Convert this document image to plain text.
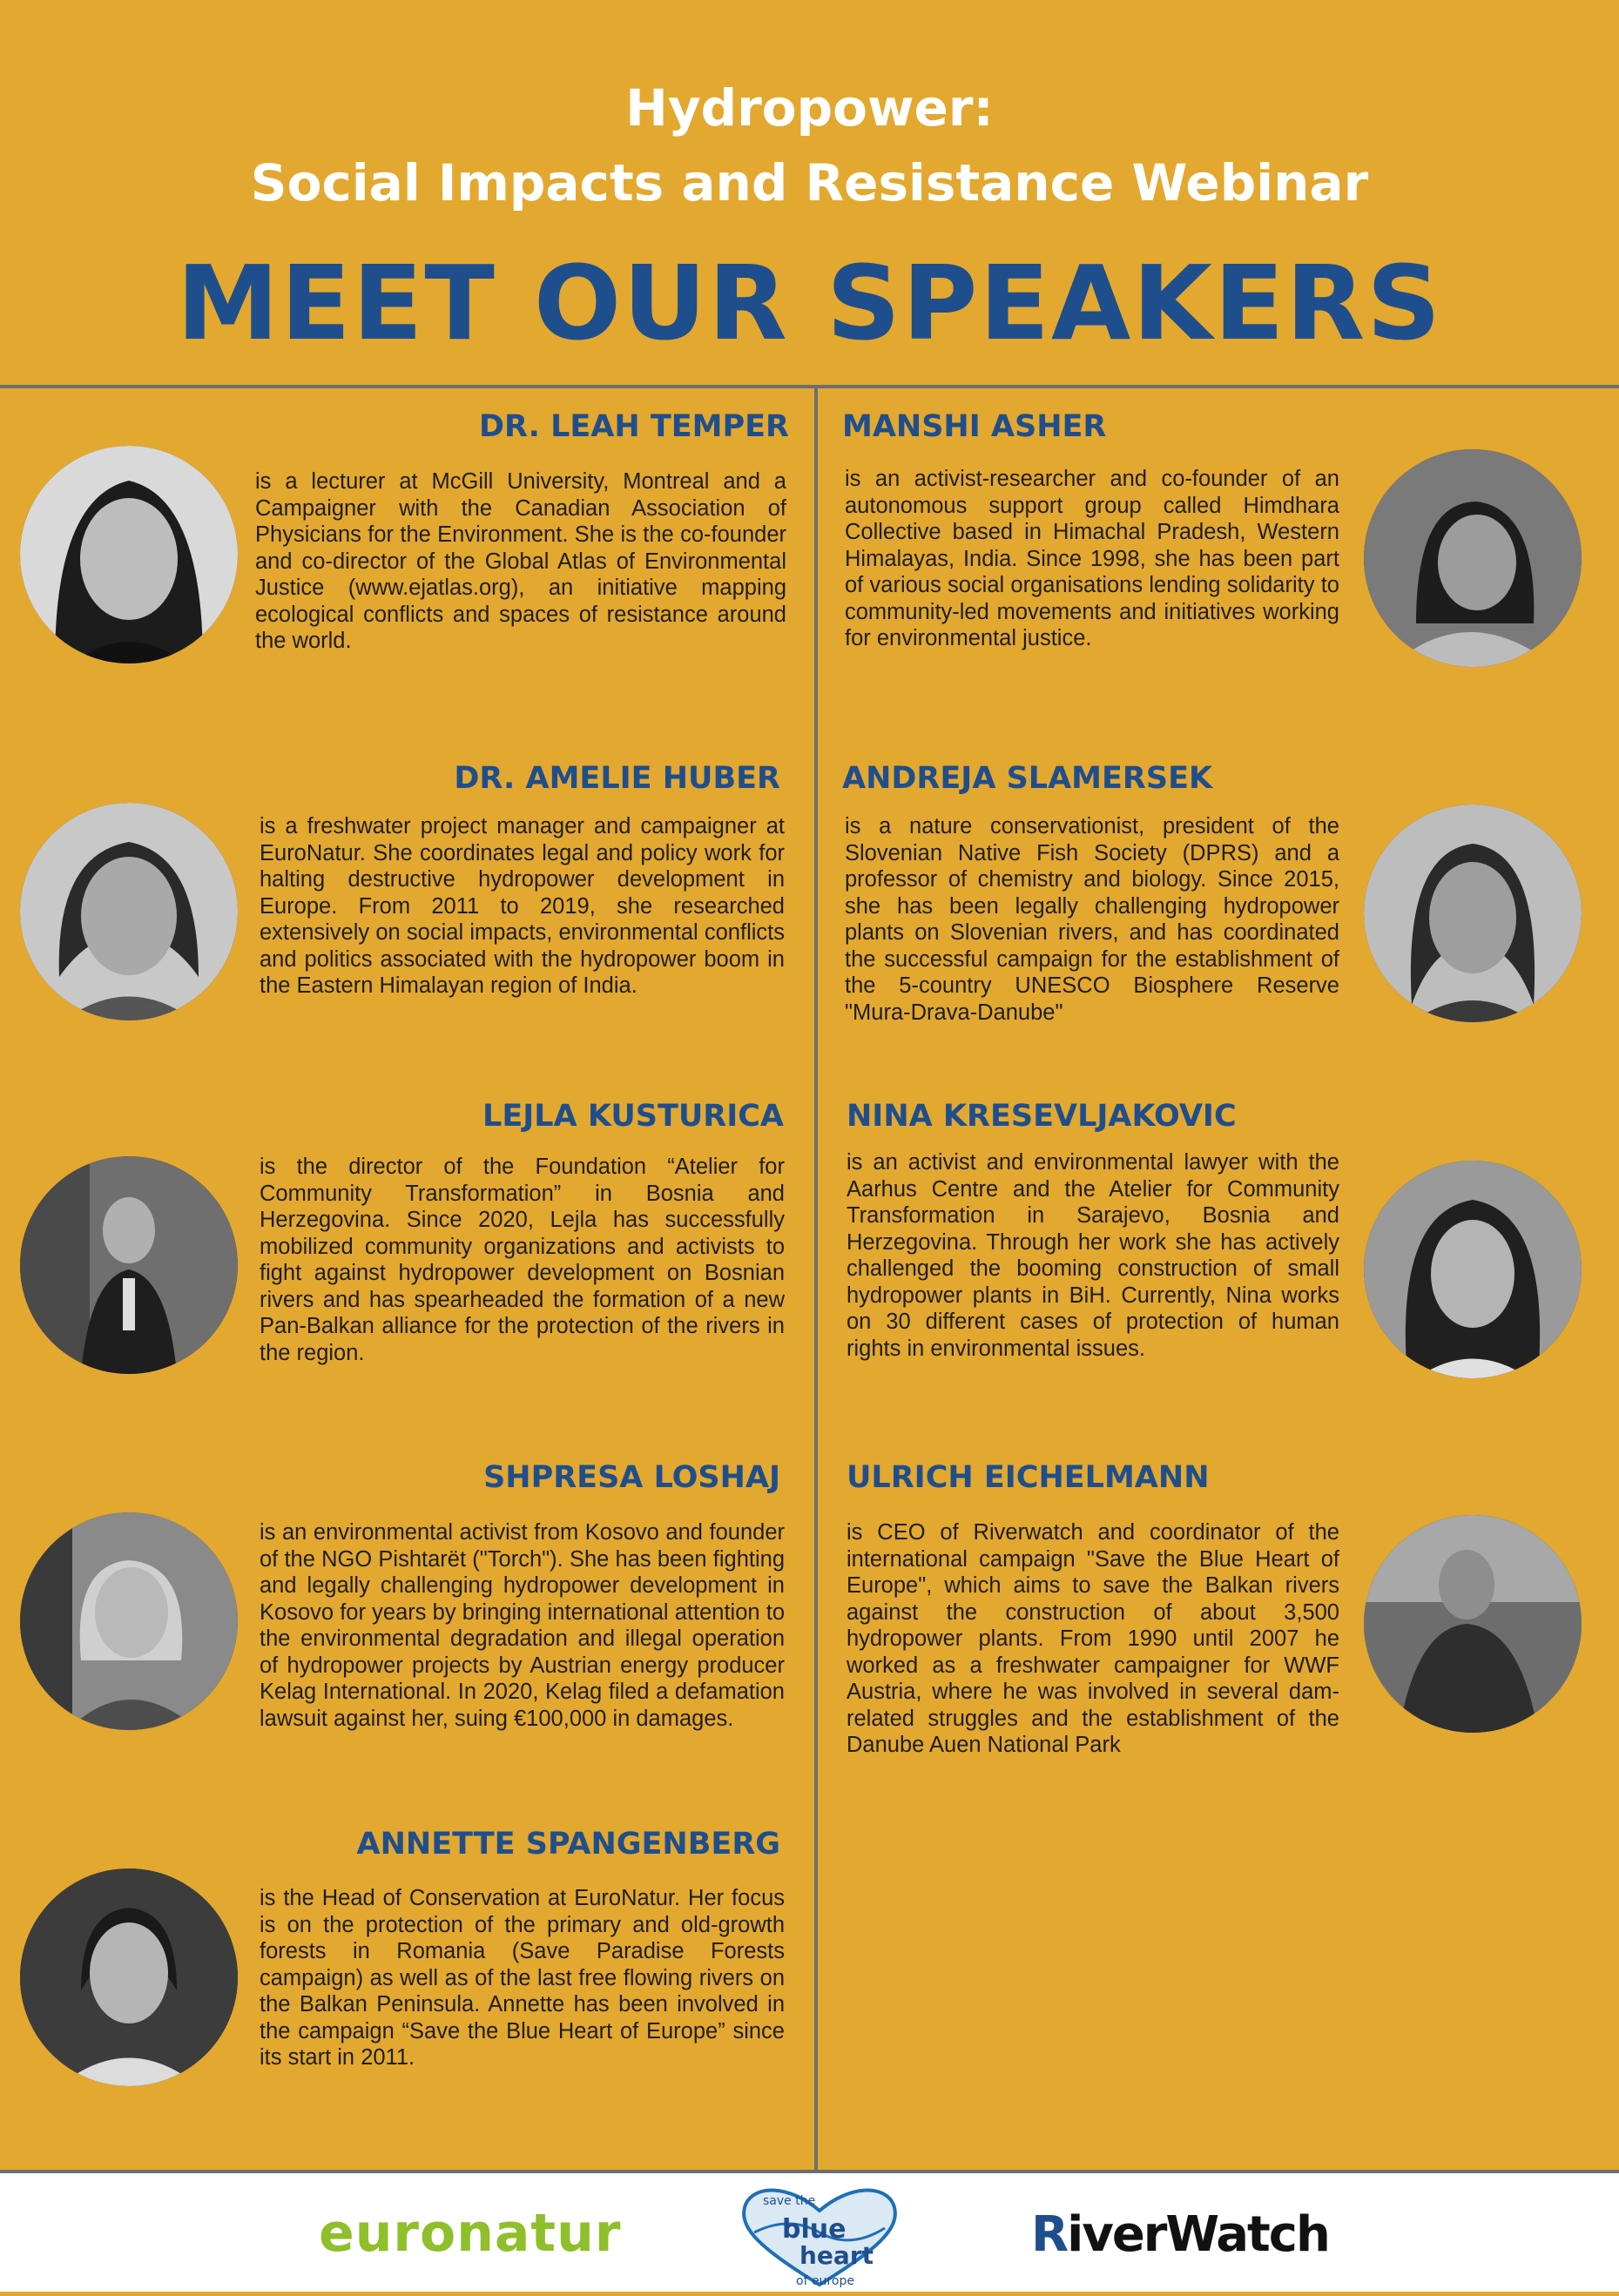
Hydropower:
Social Impacts and Resistance Webinar
MEET OUR SPEAKERS
DR. LEAH TEMPER
is a lecturer at McGill University, Montreal and a Campaigner with the Canadian Association of Physicians for the Environment. She is the co-founder and co-director of the Global Atlas of Environmental Justice (www.ejatlas.org), an initiative mapping ecological conflicts and spaces of resistance around the world.
DR. AMELIE HUBER
is a freshwater project manager and campaigner at EuroNatur. She coordinates legal and policy work for halting destructive hydropower development in Europe. From 2011 to 2019, she researched extensively on social impacts, environmental conflicts and politics associated with the hydropower boom in the Eastern Himalayan region of India.
LEJLA KUSTURICA
is the director of the Foundation “Atelier for Community Transformation” in Bosnia and Herzegovina. Since 2020, Lejla has successfully mobilized community organizations and activists to fight against hydropower development on Bosnian rivers and has spearheaded the formation of a new Pan-Balkan alliance for the protection of the rivers in the region.
SHPRESA LOSHAJ
is an environmental activist from Kosovo and founder of the NGO Pishtarët ("Torch"). She has been fighting and legally challenging hydropower development in Kosovo for years by bringing international attention to the environmental degradation and illegal operation of hydropower projects by Austrian energy producer Kelag International. In 2020, Kelag filed a defamation lawsuit against her, suing €100,000 in damages.
ANNETTE SPANGENBERG
is the Head of Conservation at EuroNatur. Her focus is on the protection of the primary and old-growth forests in Romania (Save Paradise Forests campaign) as well as of the last free flowing rivers on the Balkan Peninsula. Annette has been involved in the campaign “Save the Blue Heart of Europe” since its start in 2011.
MANSHI ASHER
is an activist-researcher and co-founder of an autonomous support group called Himdhara Collective based in Himachal Pradesh, Western Himalayas, India. Since 1998, she has been part of various social organisations lending solidarity to community-led movements and initiatives working for environmental justice.
ANDREJA SLAMERSEK
is a nature conservationist, president of the Slovenian Native Fish Society (DPRS) and a professor of chemistry and biology. Since 2015, she has been legally challenging hydropower plants on Slovenian rivers, and has coordinated the successful campaign for the establishment of the 5-country UNESCO Biosphere Reserve "Mura-Drava-Danube"
NINA KRESEVLJAKOVIC
is an activist and environmental lawyer with the Aarhus Centre and the Atelier for Community Transformation in Sarajevo, Bosnia and Herzegovina. Through her work she has actively challenged the booming construction of small hydropower plants in BiH. Currently, Nina works on 30 different cases of protection of human rights in environmental issues.
ULRICH EICHELMANN
is CEO of Riverwatch and coordinator of the international campaign "Save the Blue Heart of Europe", which aims to save the Balkan rivers against the construction of about 3,500 hydropower plants. From 1990 until 2007 he worked as a freshwater campaigner for WWF Austria, where he was involved in several dam-related struggles and the establishment of the Danube Auen National Park
euronatur
save the
blue
heart
of europe
RiverWatch
